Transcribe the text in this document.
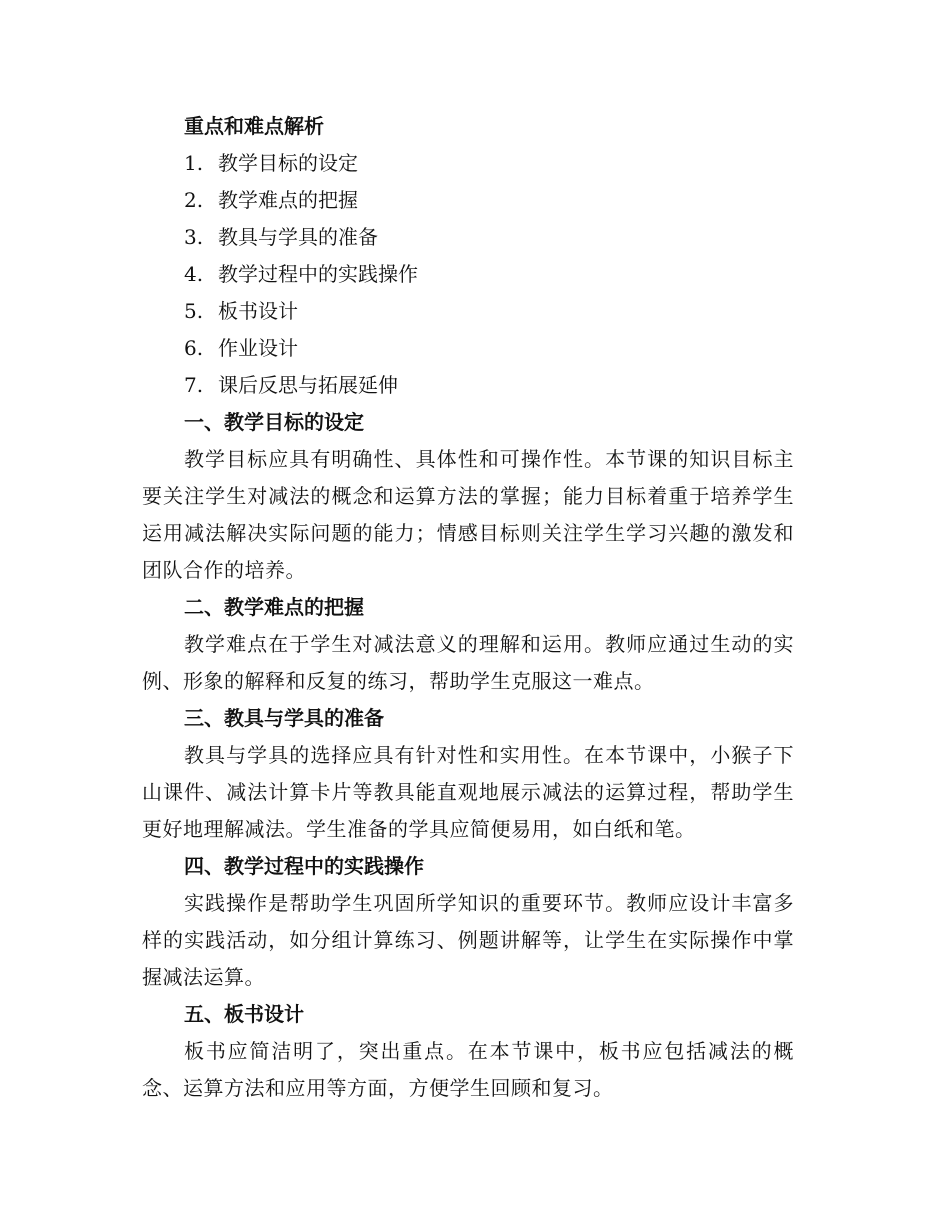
重点和难点解析

1. 教学目标的设定
2. 教学难点的把握
3. 教具与学具的准备
4. 教学过程中的实践操作
5. 板书设计
6. 作业设计
7. 课后反思与拓展延伸

一、教学目标的设定

教学目标应具有明确性、具体性和可操作性。本节课的知识目标主要关注学生对减法的概念和运算方法的掌握；能力目标着重于培养学生运用减法解决实际问题的能力；情感目标则关注学生学习兴趣的激发和团队合作的培养。

二、教学难点的把握

教学难点在于学生对减法意义的理解和运用。教师应通过生动的实例、形象的解释和反复的练习，帮助学生克服这一难点。

三、教具与学具的准备

教具与学具的选择应具有针对性和实用性。在本节课中，小猴子下山课件、减法计算卡片等教具能直观地展示减法的运算过程，帮助学生更好地理解减法。学生准备的学具应简便易用，如白纸和笔。

四、教学过程中的实践操作

实践操作是帮助学生巩固所学知识的重要环节。教师应设计丰富多样的实践活动，如分组计算练习、例题讲解等，让学生在实际操作中掌握减法运算。

五、板书设计

板书应简洁明了，突出重点。在本节课中，板书应包括减法的概念、运算方法和应用等方面，方便学生回顾和复习。
